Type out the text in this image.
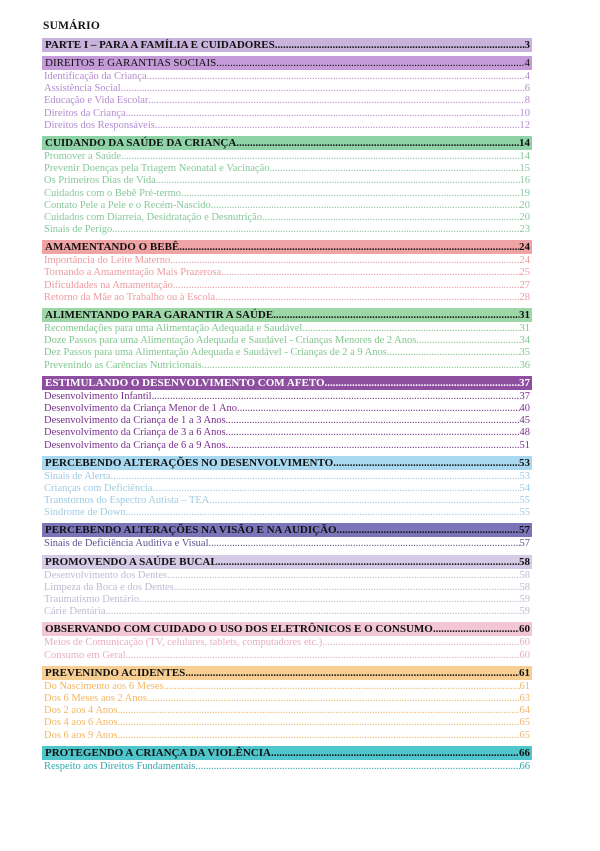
SUMÁRIO
PARTE I – PARA A FAMÍLIA E CUIDADORES .....	3
DIREITOS E GARANTIAS SOCIAIS .....	4
Identificação da Criança .....	4
Assistência Social .....	6
Educação e Vida Escolar .....	8
Direitos da Criança .....	10
Direitos dos Responsáveis .....	12
CUIDANDO DA SAÚDE DA CRIANÇA .....	14
Promover a Saúde .....	14
Prevenir Doenças pela Triagem Neonatal e Vacinação .....	15
Os Primeiros Dias de Vida .....	16
Cuidados com o Bebê Pré-termo .....	19
Contato Pele a Pele e o Recém-Nascido .....	20
Cuidados com Diarreia, Desidratação e Desnutrição .....	20
Sinais de Perigo .....	23
AMAMENTANDO O BEBÊ .....	24
Importância do Leite Materno .....	24
Tornando a Amamentação Mais Prazerosa .....	25
Dificuldades na Amamentação .....	27
Retorno da Mãe ao Trabalho ou à Escola .....	28
ALIMENTANDO PARA GARANTIR A SAÚDE .....	31
Recomendações para uma Alimentação Adequada e Saudável .....	31
Doze Passos para uma Alimentação Adequada e Saudável - Crianças Menores de 2 Anos .....	34
Dez Passos para uma Alimentação Adequada e Saudável - Crianças de 2 a 9 Anos .....	35
Prevenindo as Carências Nutricionais .....	36
ESTIMULANDO O DESENVOLVIMENTO COM AFETO .....	37
Desenvolvimento Infantil .....	37
Desenvolvimento da Criança Menor de 1 Ano .....	40
Desenvolvimento da Criança de 1 a 3 Anos .....	45
Desenvolvimento da Criança de 3 a 6 Anos .....	48
Desenvolvimento da Criança de 6 a 9 Anos .....	51
PERCEBENDO ALTERAÇÕES NO DESENVOLVIMENTO .....	53
Sinais de Alerta .....	53
Crianças com Deficiência .....	54
Transtornos do Espectro Autista – TEA .....	55
Síndrome de Down .....	55
PERCEBENDO ALTERAÇÕES NA VISÃO E NA AUDIÇÃO .....	57
Sinais de Deficiência Auditiva e Visual .....	57
PROMOVENDO A SAÚDE BUCAL .....	58
Desenvolvimento dos Dentes .....	58
Limpeza da Boca e dos Dentes .....	58
Traumatismo Dentário .....	59
Cárie Dentária .....	59
OBSERVANDO COM CUIDADO O USO DOS ELETRÔNICOS E O CONSUMO .....	60
Meios de Comunicação (TV, celulares, tablets, computadores etc.) .....	60
Consumo em Geral .....	60
PREVENINDO ACIDENTES .....	61
Do Nascimento aos 6 Meses .....	61
Dos 6 Meses aos 2 Anos .....	63
Dos 2 aos 4 Anos .....	64
Dos 4 aos 6 Anos .....	65
Dos 6 aos 9 Anos .....	65
PROTEGENDO A CRIANÇA DA VIOLÊNCIA .....	66
Respeito aos Direitos Fundamentais .....	66
